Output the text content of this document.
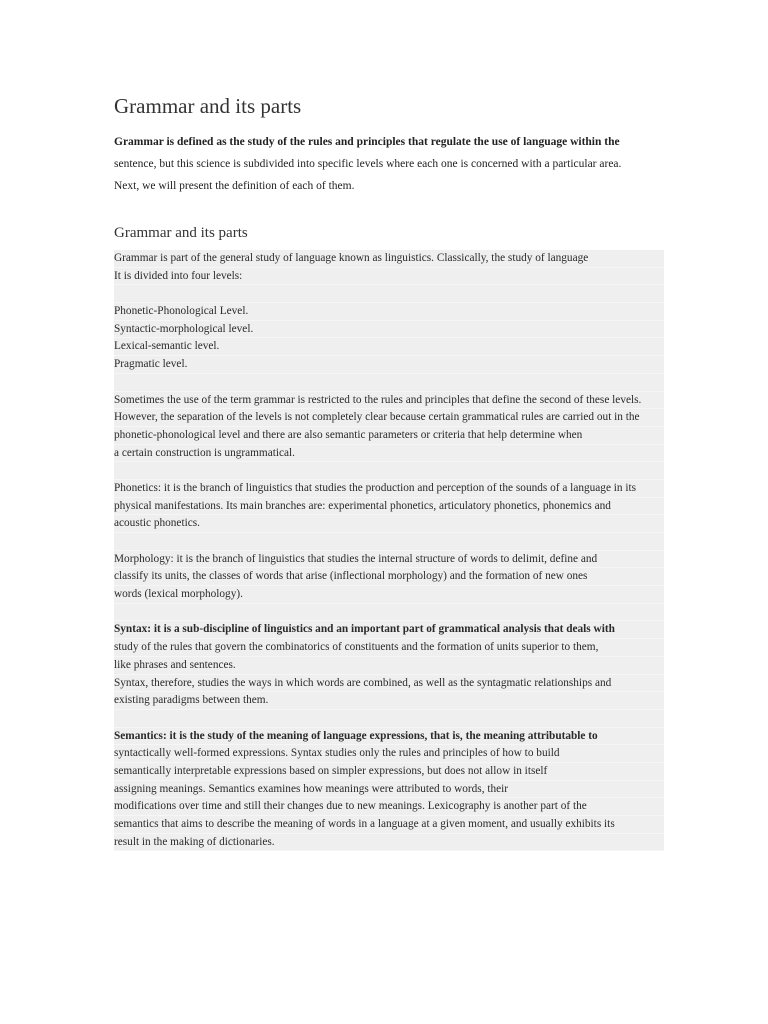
Grammar and its parts
Grammar is defined as the study of the rules and principles that regulate the use of language within the
sentence, but this science is subdivided into specific levels where each one is concerned with a particular area.
Next, we will present the definition of each of them.
Grammar and its parts
Grammar is part of the general study of language known as linguistics. Classically, the study of language
It is divided into four levels:
Phonetic-Phonological Level.
Syntactic-morphological level.
Lexical-semantic level.
Pragmatic level.
Sometimes the use of the term grammar is restricted to the rules and principles that define the second of these levels.
However, the separation of the levels is not completely clear because certain grammatical rules are carried out in the
phonetic-phonological level and there are also semantic parameters or criteria that help determine when
a certain construction is ungrammatical.
Phonetics: it is the branch of linguistics that studies the production and perception of the sounds of a language in its
physical manifestations. Its main branches are: experimental phonetics, articulatory phonetics, phonemics and
acoustic phonetics.
Morphology: it is the branch of linguistics that studies the internal structure of words to delimit, define and
classify its units, the classes of words that arise (inflectional morphology) and the formation of new ones
words (lexical morphology).
Syntax: it is a sub-discipline of linguistics and an important part of grammatical analysis that deals with
study of the rules that govern the combinatorics of constituents and the formation of units superior to them,
like phrases and sentences.
Syntax, therefore, studies the ways in which words are combined, as well as the syntagmatic relationships and
existing paradigms between them.
Semantics: it is the study of the meaning of language expressions, that is, the meaning attributable to
syntactically well-formed expressions. Syntax studies only the rules and principles of how to build
semantically interpretable expressions based on simpler expressions, but does not allow in itself
assigning meanings. Semantics examines how meanings were attributed to words, their
modifications over time and still their changes due to new meanings. Lexicography is another part of the
semantics that aims to describe the meaning of words in a language at a given moment, and usually exhibits its
result in the making of dictionaries.
